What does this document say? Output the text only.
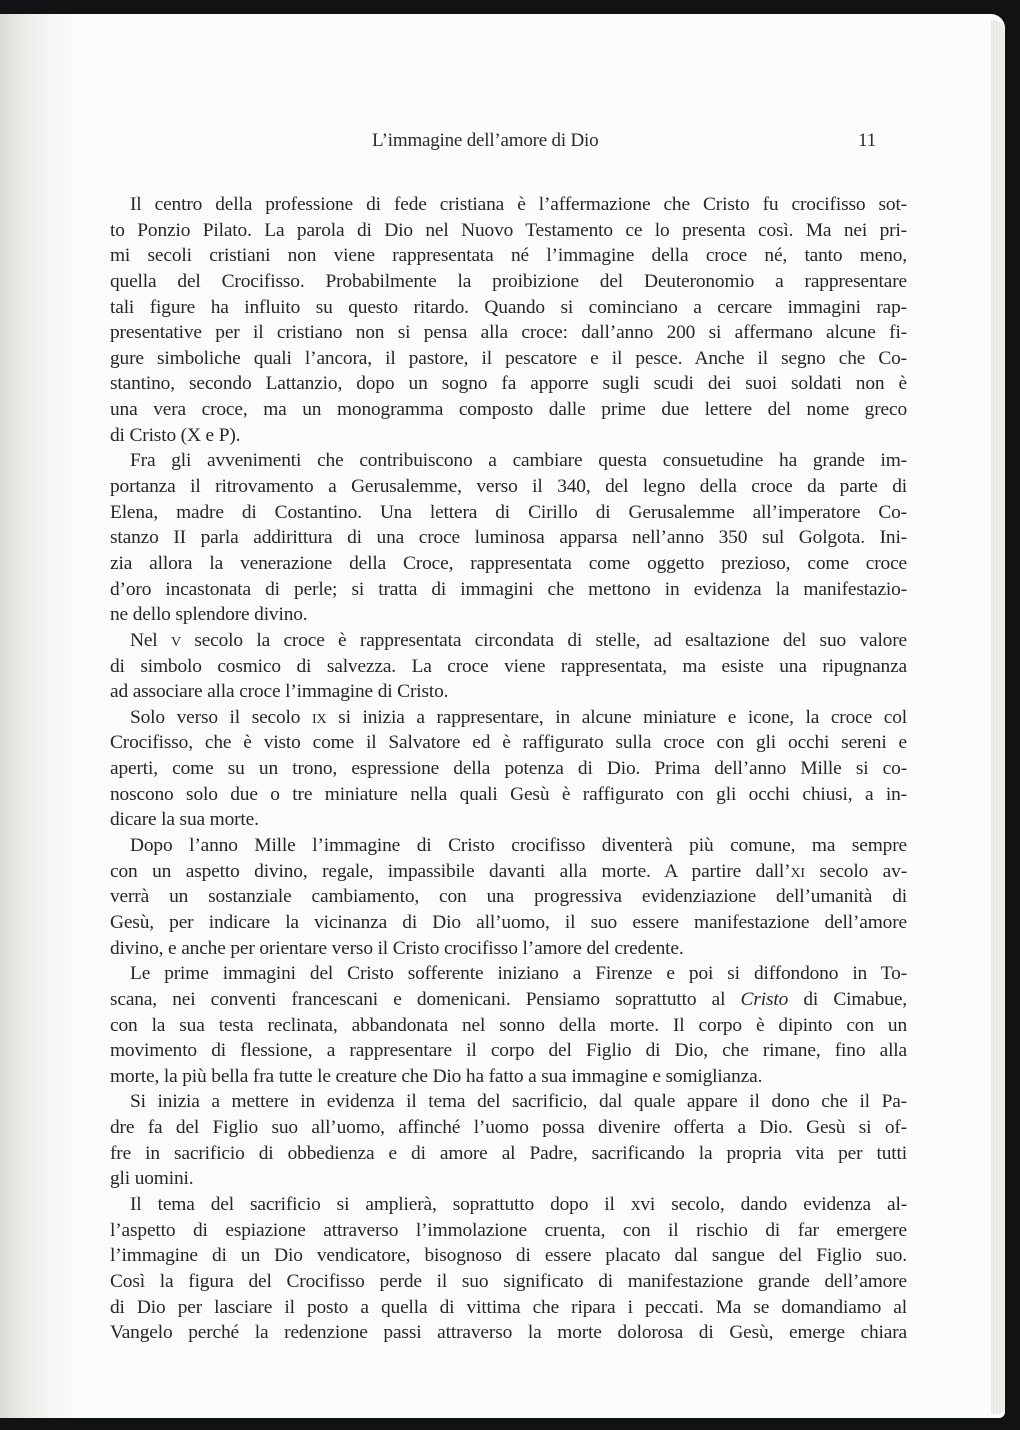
L’immagine dell’amore di Dio	11
Il centro della professione di fede cristiana è l’affermazione che Cristo fu crocifisso sot-
to Ponzio Pilato. La parola di Dio nel Nuovo Testamento ce lo presenta così. Ma nei pri-
mi secoli cristiani non viene rappresentata né l’immagine della croce né, tanto meno,
quella del Crocifisso. Probabilmente la proibizione del Deuteronomio a rappresentare
tali figure ha influito su questo ritardo. Quando si cominciano a cercare immagini rap-
presentative per il cristiano non si pensa alla croce: dall’anno 200 si affermano alcune fi-
gure simboliche quali l’ancora, il pastore, il pescatore e il pesce. Anche il segno che Co-
stantino, secondo Lattanzio, dopo un sogno fa apporre sugli scudi dei suoi soldati non è
una vera croce, ma un monogramma composto dalle prime due lettere del nome greco
di Cristo (X e P).
Fra gli avvenimenti che contribuiscono a cambiare questa consuetudine ha grande im-
portanza il ritrovamento a Gerusalemme, verso il 340, del legno della croce da parte di
Elena, madre di Costantino. Una lettera di Cirillo di Gerusalemme all’imperatore Co-
stanzo II parla addirittura di una croce luminosa apparsa nell’anno 350 sul Golgota. Ini-
zia allora la venerazione della Croce, rappresentata come oggetto prezioso, come croce
d’oro incastonata di perle; si tratta di immagini che mettono in evidenza la manifestazio-
ne dello splendore divino.
Nel v secolo la croce è rappresentata circondata di stelle, ad esaltazione del suo valore
di simbolo cosmico di salvezza. La croce viene rappresentata, ma esiste una ripugnanza
ad associare alla croce l’immagine di Cristo.
Solo verso il secolo ix si inizia a rappresentare, in alcune miniature e icone, la croce col
Crocifisso, che è visto come il Salvatore ed è raffigurato sulla croce con gli occhi sereni e
aperti, come su un trono, espressione della potenza di Dio. Prima dell’anno Mille si co-
noscono solo due o tre miniature nella quali Gesù è raffigurato con gli occhi chiusi, a in-
dicare la sua morte.
Dopo l’anno Mille l’immagine di Cristo crocifisso diventerà più comune, ma sempre
con un aspetto divino, regale, impassibile davanti alla morte. A partire dall’xi secolo av-
verrà un sostanziale cambiamento, con una progressiva evidenziazione dell’umanità di
Gesù, per indicare la vicinanza di Dio all’uomo, il suo essere manifestazione dell’amore
divino, e anche per orientare verso il Cristo crocifisso l’amore del credente.
Le prime immagini del Cristo sofferente iniziano a Firenze e poi si diffondono in To-
scana, nei conventi francescani e domenicani. Pensiamo soprattutto al Cristo di Cimabue,
con la sua testa reclinata, abbandonata nel sonno della morte. Il corpo è dipinto con un
movimento di flessione, a rappresentare il corpo del Figlio di Dio, che rimane, fino alla
morte, la più bella fra tutte le creature che Dio ha fatto a sua immagine e somiglianza.
Si inizia a mettere in evidenza il tema del sacrificio, dal quale appare il dono che il Pa-
dre fa del Figlio suo all’uomo, affinché l’uomo possa divenire offerta a Dio. Gesù si of-
fre in sacrificio di obbedienza e di amore al Padre, sacrificando la propria vita per tutti
gli uomini.
Il tema del sacrificio si amplierà, soprattutto dopo il xvi secolo, dando evidenza al-
l’aspetto di espiazione attraverso l’immolazione cruenta, con il rischio di far emergere
l’immagine di un Dio vendicatore, bisognoso di essere placato dal sangue del Figlio suo.
Così la figura del Crocifisso perde il suo significato di manifestazione grande dell’amore
di Dio per lasciare il posto a quella di vittima che ripara i peccati. Ma se domandiamo al
Vangelo perché la redenzione passi attraverso la morte dolorosa di Gesù, emerge chiara
